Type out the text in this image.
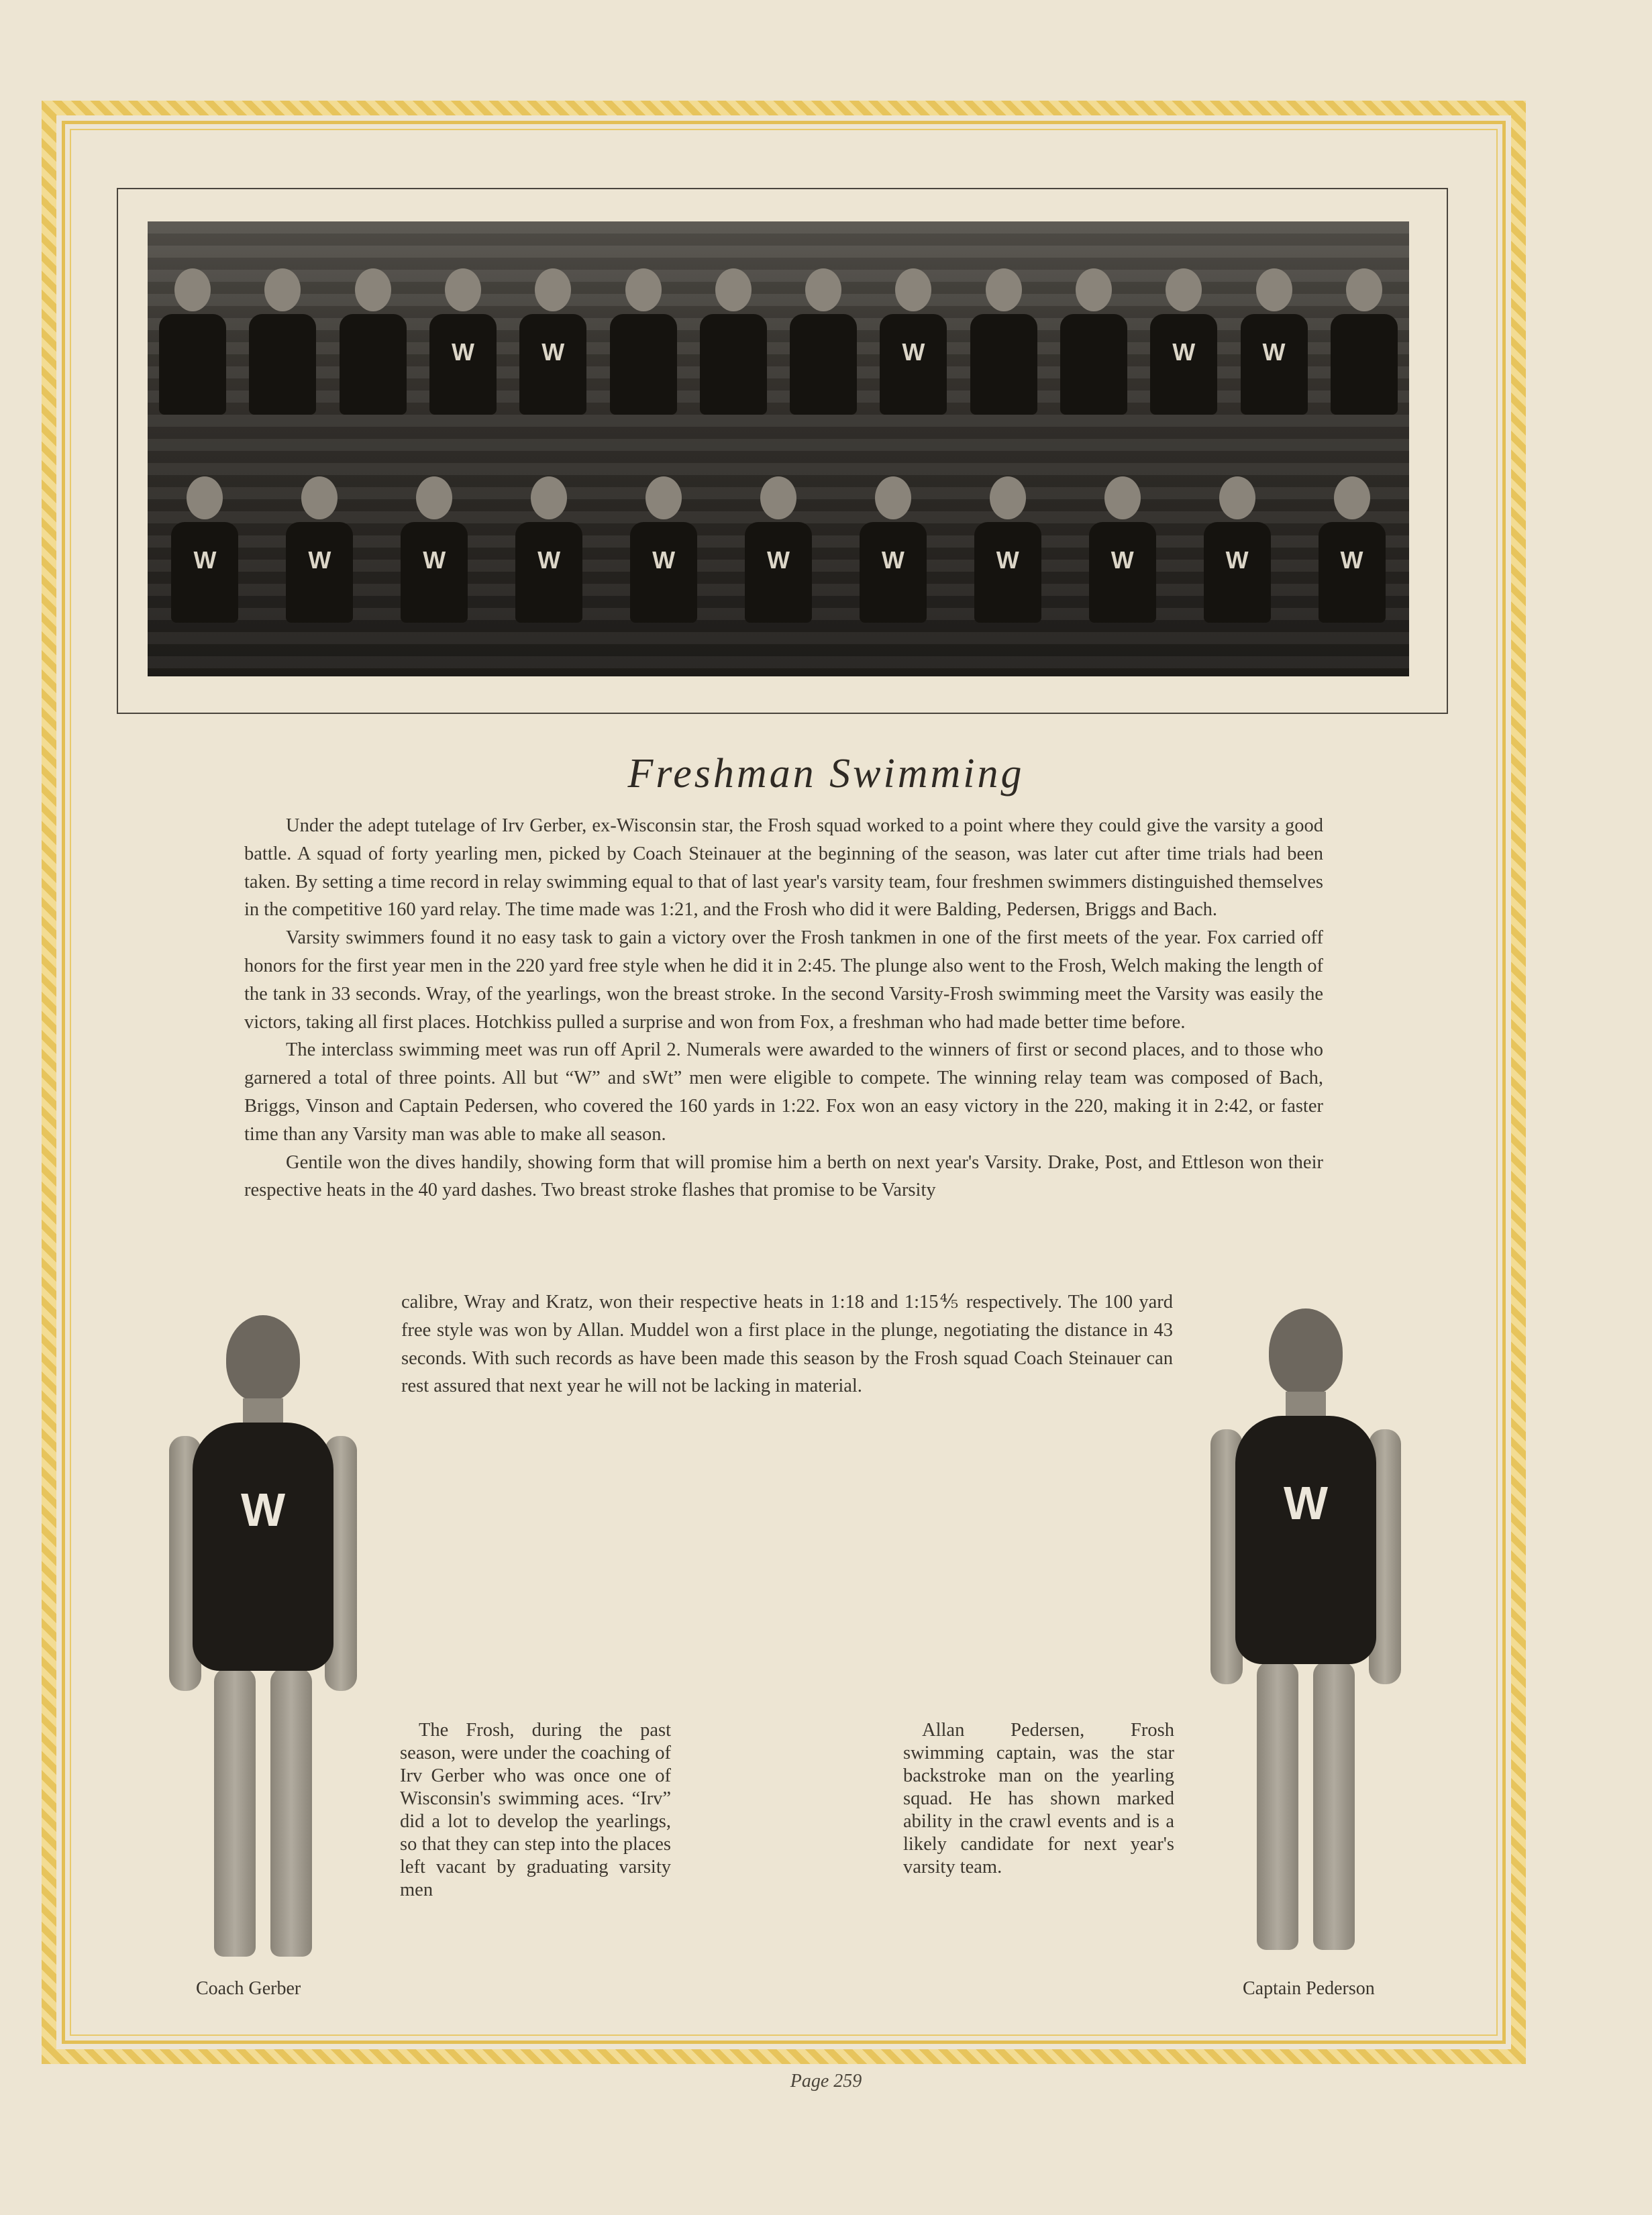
W	W	W	W	W
W	W	W	W	W	W	W	W	W	W	W
Freshman Swimming

Under the adept tutelage of Irv Gerber, ex-Wisconsin star, the Frosh squad worked to a point where they could give the varsity a good battle. A squad of forty yearling men, picked by Coach Steinauer at the beginning of the season, was later cut after time trials had been taken. By setting a time record in relay swimming equal to that of last year's varsity team, four freshmen swimmers distinguished themselves in the competitive 160 yard relay. The time made was 1:21, and the Frosh who did it were Balding, Pedersen, Briggs and Bach.

Varsity swimmers found it no easy task to gain a victory over the Frosh tankmen in one of the first meets of the year. Fox carried off honors for the first year men in the 220 yard free style when he did it in 2:45. The plunge also went to the Frosh, Welch making the length of the tank in 33 seconds. Wray, of the yearlings, won the breast stroke. In the second Varsity-Frosh swimming meet the Varsity was easily the victors, taking all first places. Hotchkiss pulled a surprise and won from Fox, a freshman who had made better time before.

The interclass swimming meet was run off April 2. Numerals were awarded to the winners of first or second places, and to those who garnered a total of three points. All but “W” and sWt” men were eligible to compete. The winning relay team was composed of Bach, Briggs, Vinson and Captain Pedersen, who covered the 160 yards in 1:22. Fox won an easy victory in the 220, making it in 2:42, or faster time than any Varsity man was able to make all season.

Gentile won the dives handily, showing form that will promise him a berth on next year's Varsity. Drake, Post, and Ettleson won their respective heats in the 40 yard dashes. Two breast stroke flashes that promise to be Varsity

calibre, Wray and Kratz, won their respective heats in 1:18 and 1:15⅘ respectively. The 100 yard free style was won by Allan. Muddel won a first place in the plunge, negotiating the distance in 43 seconds. With such records as have been made this season by the Frosh squad Coach Steinauer can rest assured that next year he will not be lacking in material.

W	W

The Frosh, during the past season, were under the coaching of Irv Gerber who was once one of Wisconsin's swimming aces. “Irv” did a lot to develop the yearlings, so that they can step into the places left vacant by graduating varsity men

Allan Pedersen, Frosh swimming captain, was the star backstroke man on the yearling squad. He has shown marked ability in the crawl events and is a likely candidate for next year's varsity team.

Coach Gerber	Captain Pederson
Page 259
